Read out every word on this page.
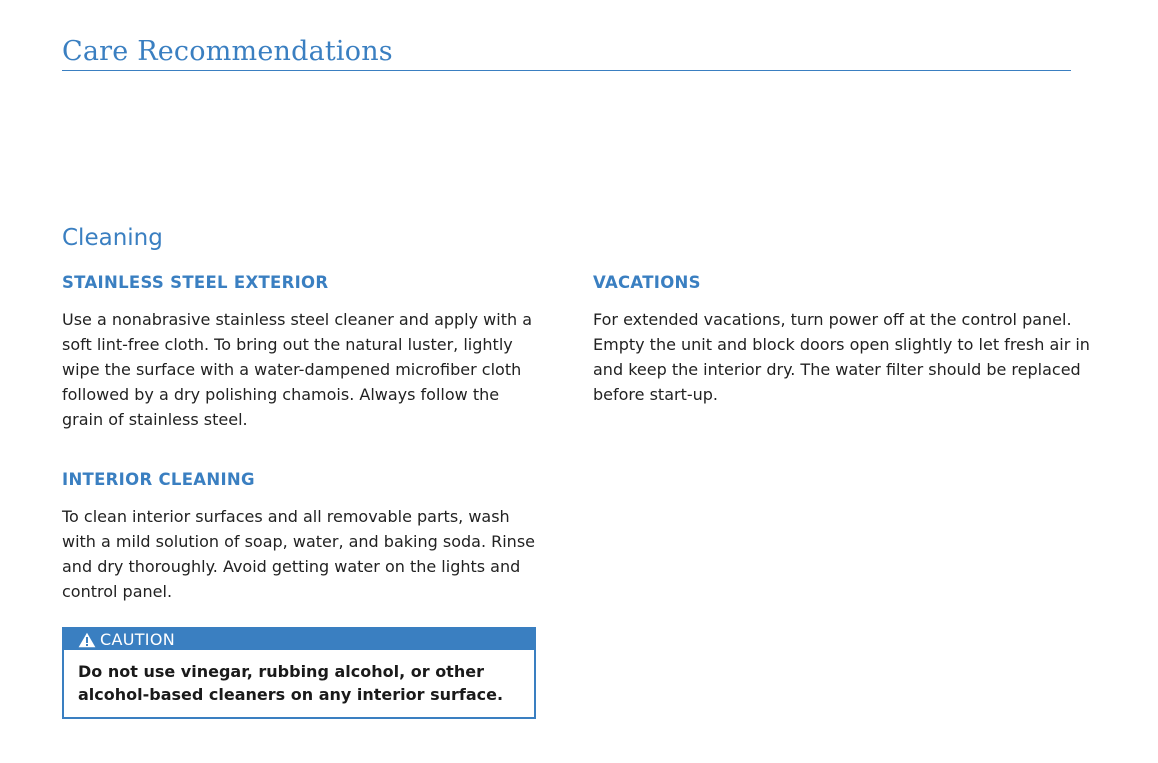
Care Recommendations
Cleaning
STAINLESS STEEL EXTERIOR
Use a nonabrasive stainless steel cleaner and apply with a soft lint-free cloth. To bring out the natural luster, lightly wipe the surface with a water-dampened microfiber cloth followed by a dry polishing chamois. Always follow the grain of stainless steel.
INTERIOR CLEANING
To clean interior surfaces and all removable parts, wash with a mild solution of soap, water, and baking soda. Rinse and dry thoroughly. Avoid getting water on the lights and control panel.
CAUTION
Do not use vinegar, rubbing alcohol, or other alcohol-based cleaners on any interior surface.
VACATIONS
For extended vacations, turn power off at the control panel. Empty the unit and block doors open slightly to let fresh air in and keep the interior dry. The water filter should be replaced before start-up.
